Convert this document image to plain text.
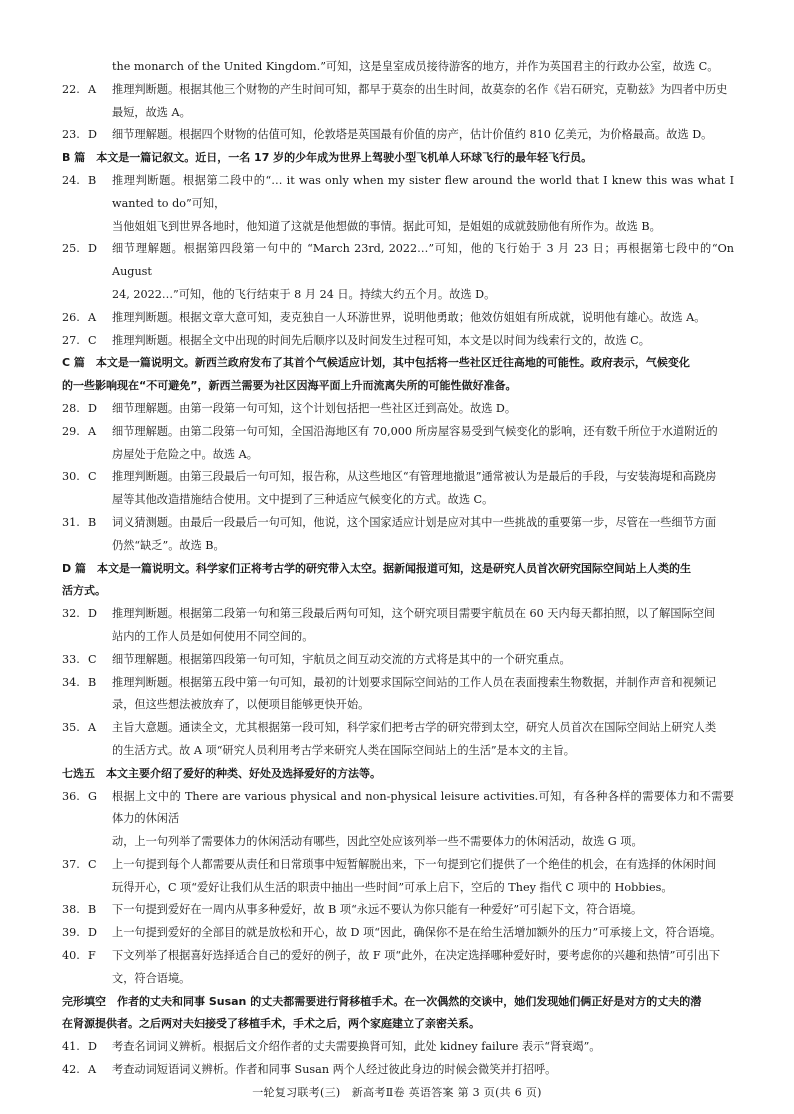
the monarch of the United Kingdom.”可知，这是皇室成员接待游客的地方，并作为英国君主的行政办公室，故选 C。
22. A	推理判断题。根据其他三个财物的产生时间可知，都早于莫奈的出生时间，故莫奈的名作《岩石研究，克勒兹》为四者中历史
最短，故选 A。
23. D	细节理解题。根据四个财物的估值可知，伦敦塔是英国最有价值的房产，估计价值约 810 亿美元，为价格最高。故选 D。
B 篇　本文是一篇记叙文。近日，一名 17 岁的少年成为世界上驾驶小型飞机单人环球飞行的最年轻飞行员。
24. B	推理判断题。根据第二段中的“… it was only when my sister flew around the world that I knew this was what I wanted to do”可知，
当他姐姐飞到世界各地时，他知道了这就是他想做的事情。据此可知，是姐姐的成就鼓励他有所作为。故选 B。
25. D	细节理解题。根据第四段第一句中的 “March 23rd, 2022…”可知，他的飞行始于 3 月 23 日；再根据第七段中的“On August
24, 2022…”可知，他的飞行结束于 8 月 24 日。持续大约五个月。故选 D。
26. A	推理判断题。根据文章大意可知，麦克独自一人环游世界，说明他勇敢；他效仿姐姐有所成就，说明他有雄心。故选 A。
27. C	推理判断题。根据全文中出现的时间先后顺序以及时间发生过程可知，本文是以时间为线索行文的，故选 C。
C 篇　本文是一篇说明文。新西兰政府发布了其首个气候适应计划，其中包括将一些社区迁往高地的可能性。政府表示，气候变化
的一些影响现在“不可避免”，新西兰需要为社区因海平面上升而流离失所的可能性做好准备。
28. D	细节理解题。由第一段第一句可知，这个计划包括把一些社区迁到高处。故选 D。
29. A	细节理解题。由第二段第一句可知，全国沿海地区有 70,000 所房屋容易受到气候变化的影响，还有数千所位于水道附近的
房屋处于危险之中。故选 A。
30. C	推理判断题。由第三段最后一句可知，报告称，从这些地区“有管理地撤退”通常被认为是最后的手段，与安装海堤和高跷房
屋等其他改造措施结合使用。文中提到了三种适应气候变化的方式。故选 C。
31. B	词义猜测题。由最后一段最后一句可知，他说，这个国家适应计划是应对其中一些挑战的重要第一步，尽管在一些细节方面
仍然“缺乏”。故选 B。
D 篇　本文是一篇说明文。科学家们正将考古学的研究带入太空。据新闻报道可知，这是研究人员首次研究国际空间站上人类的生
活方式。
32. D	推理判断题。根据第二段第一句和第三段最后两句可知，这个研究项目需要宇航员在 60 天内每天都拍照，以了解国际空间
站内的工作人员是如何使用不同空间的。
33. C	细节理解题。根据第四段第一句可知，宇航员之间互动交流的方式将是其中的一个研究重点。
34. B	推理判断题。根据第五段中第一句可知，最初的计划要求国际空间站的工作人员在表面搜索生物数据，并制作声音和视频记
录，但这些想法被放弃了，以便项目能够更快开始。
35. A	主旨大意题。通读全文，尤其根据第一段可知，科学家们把考古学的研究带到太空，研究人员首次在国际空间站上研究人类
的生活方式。故 A 项“研究人员利用考古学来研究人类在国际空间站上的生活”是本文的主旨。
七选五　本文主要介绍了爱好的种类、好处及选择爱好的方法等。
36. G	根据上文中的 There are various physical and non-physical leisure activities.可知，有各种各样的需要体力和不需要体力的休闲活
动，上一句列举了需要体力的休闲活动有哪些，因此空处应该列举一些不需要体力的休闲活动，故选 G 项。
37. C	上一句提到每个人都需要从责任和日常琐事中短暂解脱出来，下一句提到它们提供了一个绝佳的机会，在有选择的休闲时间
玩得开心，C 项“爱好让我们从生活的职责中抽出一些时间”可承上启下，空后的 They 指代 C 项中的 Hobbies。
38. B	下一句提到爱好在一周内从事多种爱好，故 B 项“永远不要认为你只能有一种爱好”可引起下文，符合语境。
39. D	上一句提到爱好的全部目的就是放松和开心，故 D 项“因此，确保你不是在给生活增加额外的压力”可承接上文，符合语境。
40. F	下文列举了根据喜好选择适合自己的爱好的例子，故 F 项“此外，在决定选择哪种爱好时，要考虑你的兴趣和热情”可引出下
文，符合语境。
完形填空　作者的丈夫和同事 Susan 的丈夫都需要进行肾移植手术。在一次偶然的交谈中，她们发现她们俩正好是对方的丈夫的潜
在肾源提供者。之后两对夫妇接受了移植手术，手术之后，两个家庭建立了亲密关系。
41. D	考查名词词义辨析。根据后文介绍作者的丈夫需要换肾可知，此处 kidney failure 表示“肾衰竭”。
42. A	考查动词短语词义辨析。作者和同事 Susan 两个人经过彼此身边的时候会微笑并打招呼。
一轮复习联考(三)　新高考Ⅱ卷 英语答案 第 3 页(共 6 页)
